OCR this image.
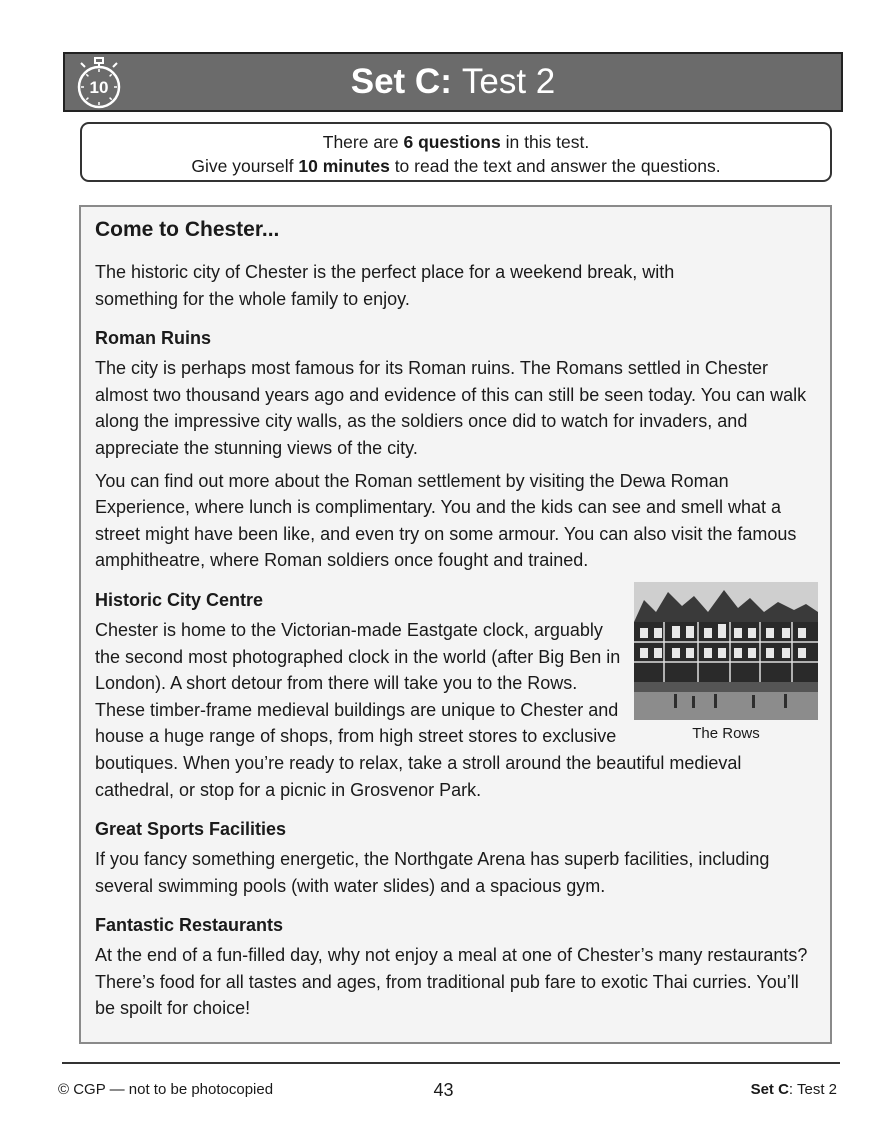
10	Set C: Test 2
There are 6 questions in this test.
Give yourself 10 minutes to read the text and answer the questions.
Come to Chester...

The historic city of Chester is the perfect place for a weekend break, with something for the whole family to enjoy.

Roman Ruins

The city is perhaps most famous for its Roman ruins. The Romans settled in Chester almost two thousand years ago and evidence of this can still be seen today. You can walk along the impressive city walls, as the soldiers once did to watch for invaders, and appreciate the stunning views of the city.

You can find out more about the Roman settlement by visiting the Dewa Roman Experience, where lunch is complimentary. You and the kids can see and smell what a street might have been like, and even try on some armour. You can also visit the famous amphitheatre, where Roman soldiers once fought and trained.

The Rows
Historic City Centre

Chester is home to the Victorian-made Eastgate clock, arguably the second most photographed clock in the world (after Big Ben in London). A short detour from there will take you to the Rows. These timber-frame medieval buildings are unique to Chester and house a huge range of shops, from high street stores to exclusive boutiques. When you’re ready to relax, take a stroll around the beautiful medieval cathedral, or stop for a picnic in Grosvenor Park.

Great Sports Facilities

If you fancy something energetic, the Northgate Arena has superb facilities, including several swimming pools (with water slides) and a spacious gym.

Fantastic Restaurants

At the end of a fun-filled day, why not enjoy a meal at one of Chester’s many restaurants? There’s food for all tastes and ages, from traditional pub fare to exotic Thai curries. You’ll be spoilt for choice!

© CGP — not to be photocopied	43	Set C: Test 2
